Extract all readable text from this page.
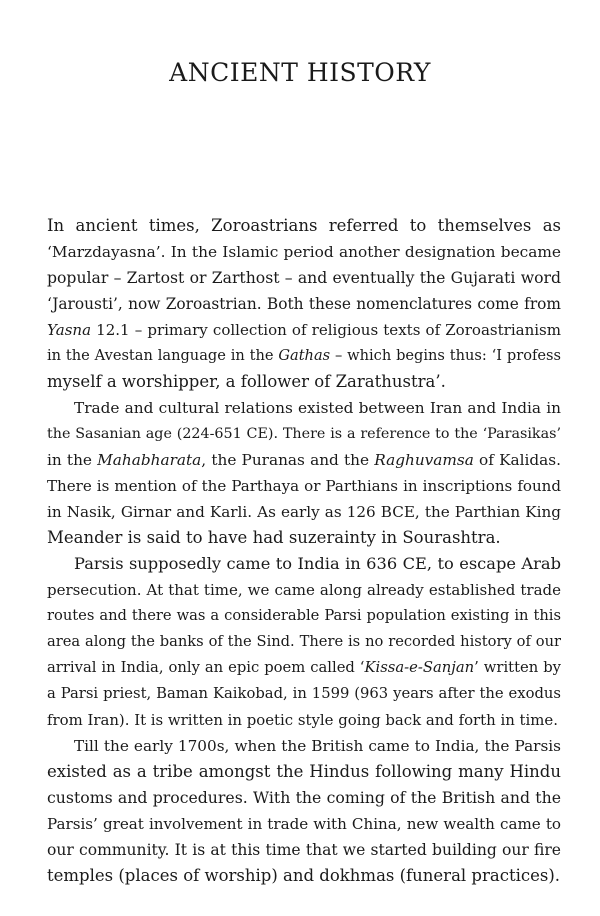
ANCIENT HISTORY

In ancient times, Zoroastrians referred to themselves as
‘Marzdayasna’. In the Islamic period another designation became
popular – Zartost or Zarthost – and eventually the Gujarati word
‘Jarousti’, now Zoroastrian. Both these nomenclatures come from
Yasna 12.1 – primary collection of religious texts of Zoroastrianism
in the Avestan language in the Gathas – which begins thus: ‘I profess
myself a worshipper, a follower of Zarathustra’.

Trade and cultural relations existed between Iran and India in
the Sasanian age (224-651 CE). There is a reference to the ‘Parasikas’
in the Mahabharata, the Puranas and the Raghuvamsa of Kalidas.
There is mention of the Parthaya or Parthians in inscriptions found
in Nasik, Girnar and Karli. As early as 126 BCE, the Parthian King
Meander is said to have had suzerainty in Sourashtra.

Parsis supposedly came to India in 636 CE, to escape Arab
persecution. At that time, we came along already established trade
routes and there was a considerable Parsi population existing in this
area along the banks of the Sind. There is no recorded history of our
arrival in India, only an epic poem called ‘Kissa-e-Sanjan’ written by
a Parsi priest, Baman Kaikobad, in 1599 (963 years after the exodus
from Iran). It is written in poetic style going back and forth in time.

Till the early 1700s, when the British came to India, the Parsis
existed as a tribe amongst the Hindus following many Hindu
customs and procedures. With the coming of the British and the
Parsis’ great involvement in trade with China, new wealth came to
our community. It is at this time that we started building our fire
temples (places of worship) and dokhmas (funeral practices).
